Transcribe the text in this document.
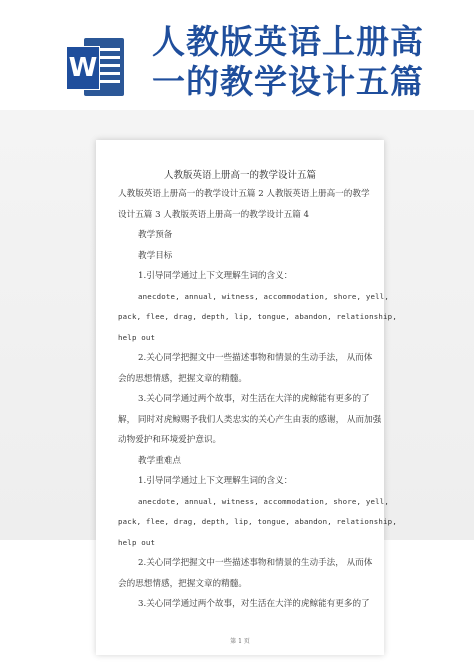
W
人教版英语上册高
一的教学设计五篇
人教版英语上册高一的教学设计五篇
人教版英语上册高一的教学设计五篇 2 人教版英语上册高一的教学
设计五篇 3 人教版英语上册高一的教学设计五篇 4
教学预备
教学目标
1.引导同学通过上下文理解生词的含义：
anecdote, annual, witness, accommodation, shore, yell,
pack, flee, drag, depth, lip, tongue, abandon, relationship,
help out
2.关心同学把握文中一些描述事物和情景的生动手法， 从而体
会的思想情感，把握文章的精髓。
3.关心同学通过两个故事，对生活在大洋的虎鲸能有更多的了
解， 同时对虎鲸赐予我们人类忠实的关心产生由衷的感谢， 从而加强
动物爱护和环境爱护意识。
教学重难点
1.引导同学通过上下文理解生词的含义：
anecdote, annual, witness, accommodation, shore, yell,
pack, flee, drag, depth, lip, tongue, abandon, relationship,
help out
2.关心同学把握文中一些描述事物和情景的生动手法， 从而体
会的思想情感，把握文章的精髓。
3.关心同学通过两个故事，对生活在大洋的虎鲸能有更多的了
第 1 页
